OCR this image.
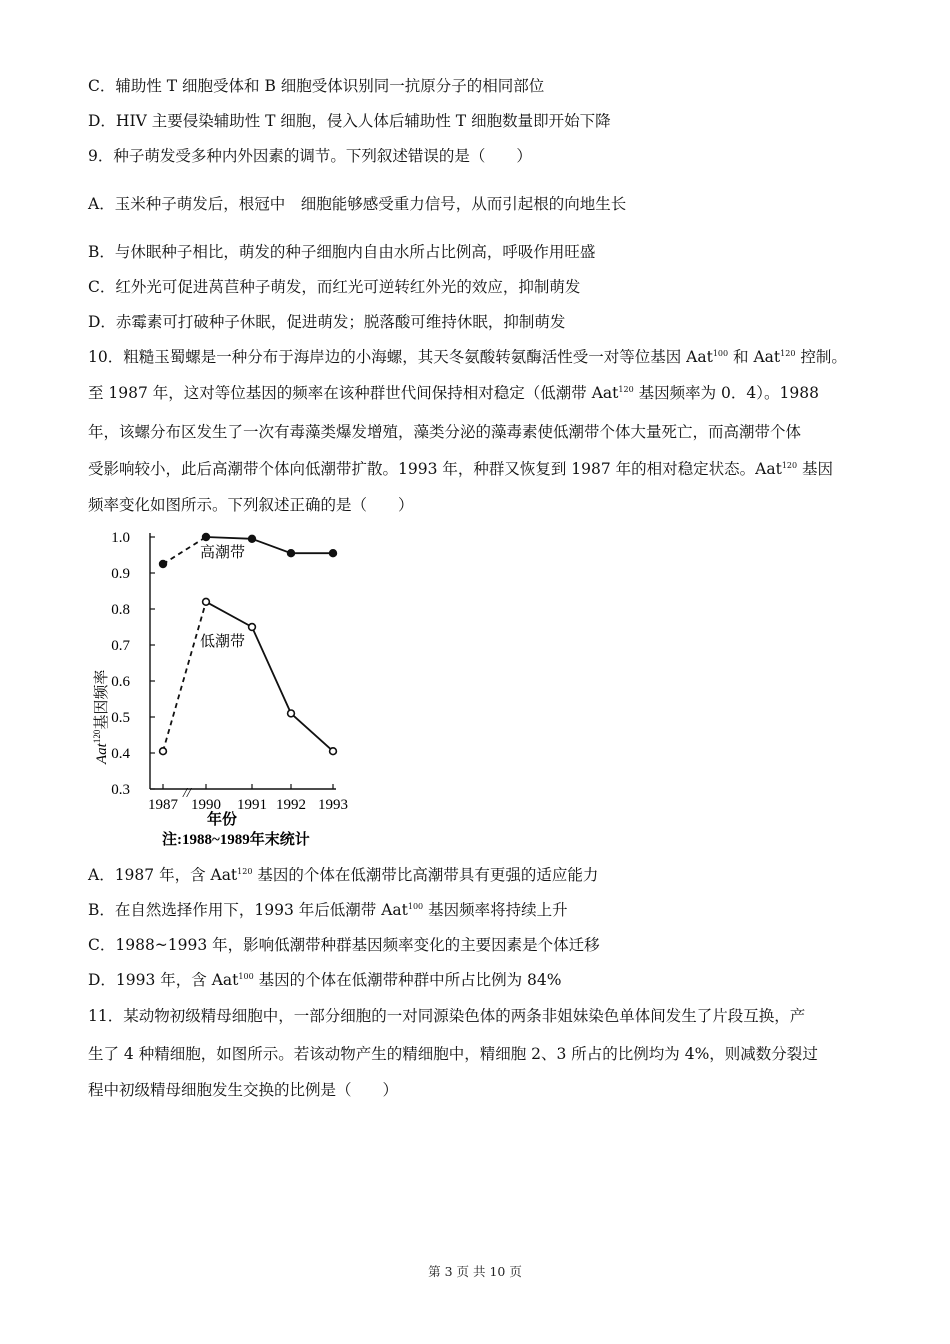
C．辅助性 T 细胞受体和 B 细胞受体识别同一抗原分子的相同部位
D．HIV 主要侵染辅助性 T 细胞，侵入人体后辅助性 T 细胞数量即开始下降
9．种子萌发受多种内外因素的调节。下列叙述错误的是（　　）
A．玉米种子萌发后，根冠中　细胞能够感受重力信号，从而引起根的向地生长
B．与休眠种子相比，萌发的种子细胞内自由水所占比例高，呼吸作用旺盛
C．红外光可促进莴苣种子萌发，而红光可逆转红外光的效应，抑制萌发
D．赤霉素可打破种子休眠，促进萌发；脱落酸可维持休眠，抑制萌发
10．粗糙玉蜀螺是一种分布于海岸边的小海螺，其天冬氨酸转氨酶活性受一对等位基因 Aat$^{100}$ 和 Aat$^{120}$ 控制。
至 1987 年，这对等位基因的频率在该种群世代间保持相对稳定（低潮带 Aat$^{120}$ 基因频率为 0．4）。1988
年，该螺分布区发生了一次有毒藻类爆发增殖，藻类分泌的藻毒素使低潮带个体大量死亡，而高潮带个体
受影响较小，此后高潮带个体向低潮带扩散。1993 年，种群又恢复到 1987 年的相对稳定状态。Aat$^{120}$ 基因
频率变化如图所示。下列叙述正确的是（　　）
1.0
0.9
0.8
0.7
0.6
0.5
0.4
0.3	//
1987 1990 1991 1992 1993
高潮带
低潮带
Aat$^{120}$基因频率
年份
注:1988~1989年末统计
A．1987 年，含 Aat$^{120}$ 基因的个体在低潮带比高潮带具有更强的适应能力
B．在自然选择作用下，1993 年后低潮带 Aat$^{100}$ 基因频率将持续上升
C．1988~1993 年，影响低潮带种群基因频率变化的主要因素是个体迁移
D．1993 年，含 Aat$^{100}$ 基因的个体在低潮带种群中所占比例为 84%
11．某动物初级精母细胞中，一部分细胞的一对同源染色体的两条非姐妹染色单体间发生了片段互换，产
生了 4 种精细胞，如图所示。若该动物产生的精细胞中，精细胞 2、3 所占的比例均为 4%，则减数分裂过
程中初级精母细胞发生交换的比例是（　　）
第 3 页 共 10 页
